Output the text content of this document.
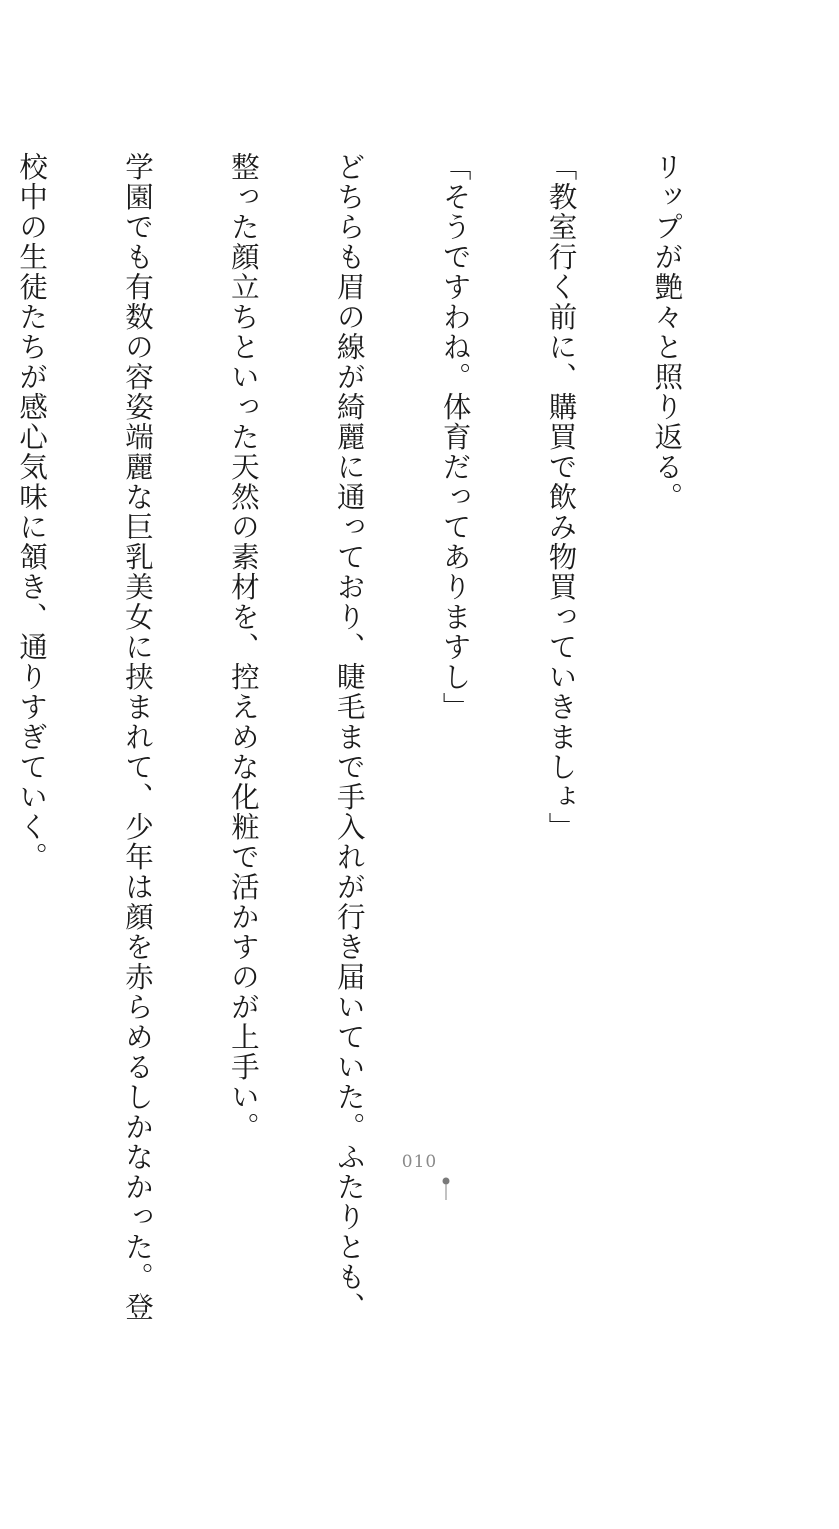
リップが艶々と照り返る。

「教室行く前に、購買で飲み物買っていきましょ」

「そうですわね。体育だってありますし」

どちらも眉の線が綺麗に通っており、睫毛まで手入れが行き届いていた。ふたりとも、

整った顔立ちといった天然の素材を、控えめな化粧で活かすのが上手い。

学園でも有数の容姿端麗な巨乳美女に挟まれて、少年は顔を赤らめるしかなかった。登

校中の生徒たちが感心気味に頷き、通りすぎていく。

010
